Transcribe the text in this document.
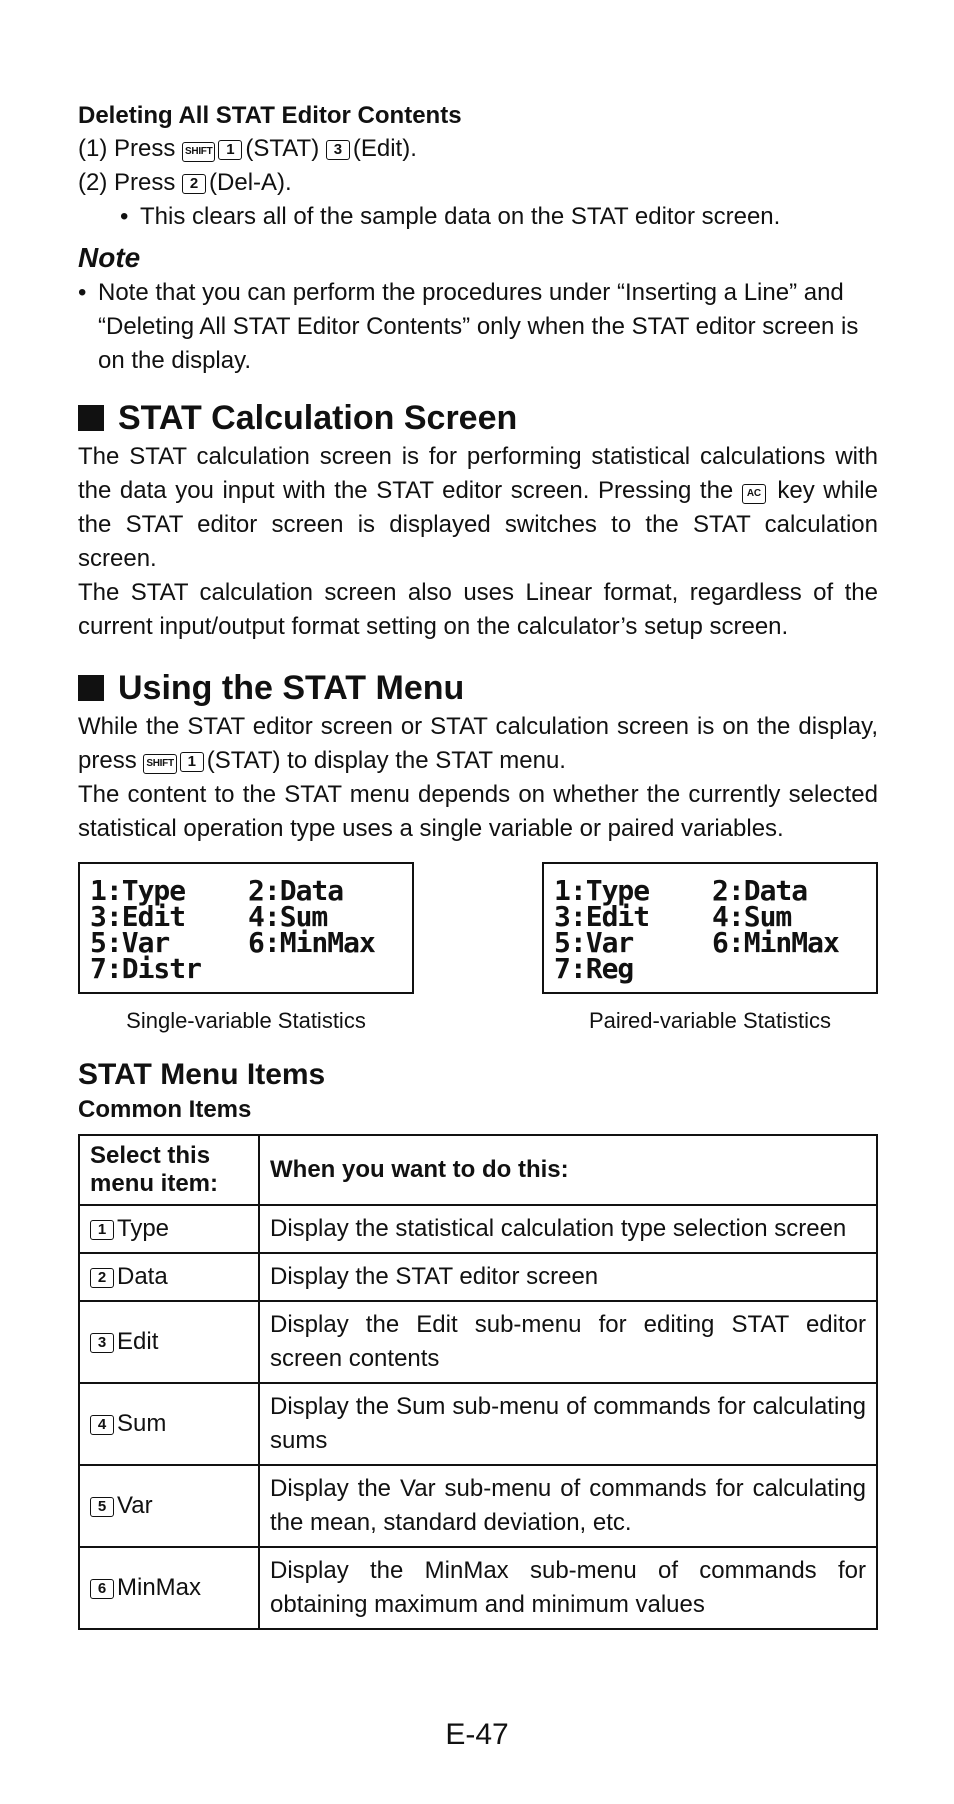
Deleting All STAT Editor Contents

(1) Press SHIFT 1 (STAT) 3 (Edit).

(2) Press 2 (Del-A).

• This clears all of the sample data on the STAT editor screen.
Note
• Note that you can perform the procedures under “Inserting a Line” and “Deleting All STAT Editor Contents” only when the STAT editor screen is on the display.
STAT Calculation Screen

The STAT calculation screen is for performing statistical calculations with the data you input with the STAT editor screen. Pressing the AC key while the STAT editor screen is displayed switches to the STAT calculation screen.

The STAT calculation screen also uses Linear format, regardless of the current input/output format setting on the calculator’s setup screen.

Using the STAT Menu

While the STAT editor screen or STAT calculation screen is on the display, press SHIFT 1 (STAT) to display the STAT menu.

The content to the STAT menu depends on whether the currently selected statistical operation type uses a single variable or paired variables.

1:Type	2:Data
3:Edit	4:Sum
5:Var	6:MinMax
7:Distr
Single-variable Statistics
1:Type	2:Data
3:Edit	4:Sum
5:Var	6:MinMax
7:Reg
Paired-variable Statistics
STAT Menu Items
Common Items
Select this menu item:	When you want to do this:
1 Type	Display the statistical calculation type selection screen
2 Data	Display the STAT editor screen
3 Edit	Display the Edit sub-menu for editing STAT editor screen contents
4 Sum	Display the Sum sub-menu of commands for calculating sums
5 Var	Display the Var sub-menu of commands for calculating the mean, standard deviation, etc.
6 MinMax	Display the MinMax sub-menu of commands for obtaining maximum and minimum values
E-47
